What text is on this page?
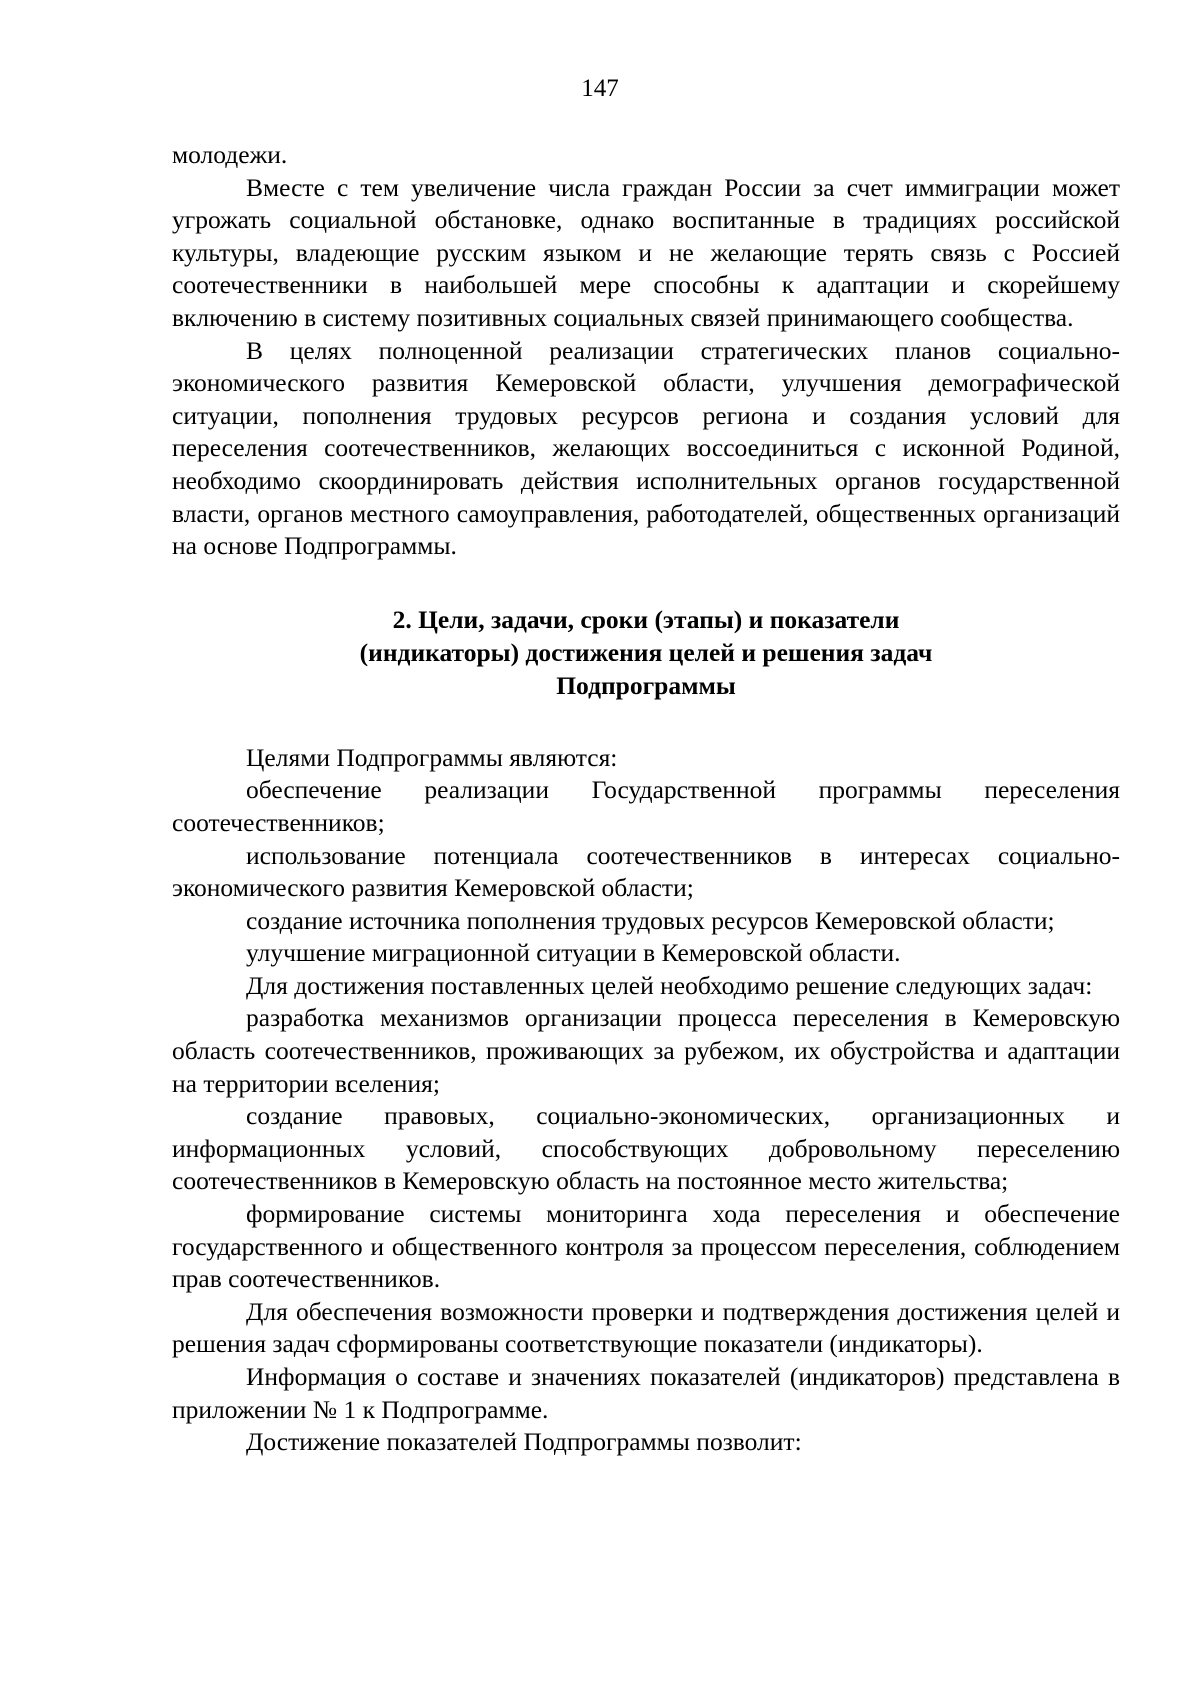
147

молодежи.

Вместе с тем увеличение числа граждан России за счет иммиграции может угрожать социальной обстановке, однако воспитанные в традициях российской культуры, владеющие русским языком и не желающие терять связь с Россией соотечественники в наибольшей мере способны к адаптации и скорейшему включению в систему позитивных социальных связей принимающего сообщества.

В целях полноценной реализации стратегических планов социально-экономического развития Кемеровской области, улучшения демографической ситуации, пополнения трудовых ресурсов региона и создания условий для переселения соотечественников, желающих воссоединиться с исконной Родиной, необходимо скоординировать действия исполнительных органов государственной власти, органов местного самоуправления, работодателей, общественных организаций на основе Подпрограммы.

2. Цели, задачи, сроки (этапы) и показатели
(индикаторы) достижения целей и решения задач
Подпрограммы

Целями Подпрограммы являются:

обеспечение реализации Государственной программы переселения соотечественников;

использование потенциала соотечественников в интересах социально-экономического развития Кемеровской области;

создание источника пополнения трудовых ресурсов Кемеровской области;

улучшение миграционной ситуации в Кемеровской области.

Для достижения поставленных целей необходимо решение следующих задач:

разработка механизмов организации процесса переселения в Кемеровскую область соотечественников, проживающих за рубежом, их обустройства и адаптации на территории вселения;

создание правовых, социально-экономических, организационных и информационных условий, способствующих добровольному переселению соотечественников в Кемеровскую область на постоянное место жительства;

формирование системы мониторинга хода переселения и обеспечение государственного и общественного контроля за процессом переселения, соблюдением прав соотечественников.

Для обеспечения возможности проверки и подтверждения достижения целей и решения задач сформированы соответствующие показатели (индикаторы).

Информация о составе и значениях показателей (индикаторов) представлена в приложении № 1 к Подпрограмме.

Достижение показателей Подпрограммы позволит:
